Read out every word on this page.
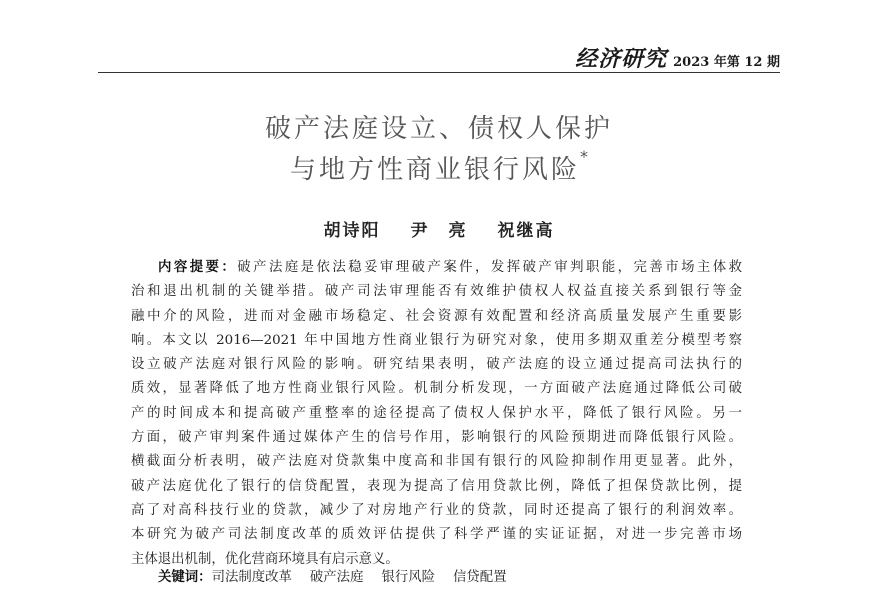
经济研究 2023 年第 12 期
破产法庭设立、债权人保护
与地方性商业银行风险*
胡诗阳 尹　亮 祝继高
内容提要：破产法庭是依法稳妥审理破产案件，发挥破产审判职能，完善市场主体救
治和退出机制的关键举措。破产司法审理能否有效维护债权人权益直接关系到银行等金
融中介的风险，进而对金融市场稳定、社会资源有效配置和经济高质量发展产生重要影
响。本文以 2016—2021 年中国地方性商业银行为研究对象，使用多期双重差分模型考察
设立破产法庭对银行风险的影响。研究结果表明，破产法庭的设立通过提高司法执行的
质效，显著降低了地方性商业银行风险。机制分析发现，一方面破产法庭通过降低公司破
产的时间成本和提高破产重整率的途径提高了债权人保护水平，降低了银行风险。另一
方面，破产审判案件通过媒体产生的信号作用，影响银行的风险预期进而降低银行风险。
横截面分析表明，破产法庭对贷款集中度高和非国有银行的风险抑制作用更显著。此外，
破产法庭优化了银行的信贷配置，表现为提高了信用贷款比例，降低了担保贷款比例，提
高了对高科技行业的贷款，减少了对房地产行业的贷款，同时还提高了银行的利润效率。
本研究为破产司法制度改革的质效评估提供了科学严谨的实证证据，对进一步完善市场
主体退出机制，优化营商环境具有启示意义。
关键词：司法制度改革 破产法庭 银行风险 信贷配置
